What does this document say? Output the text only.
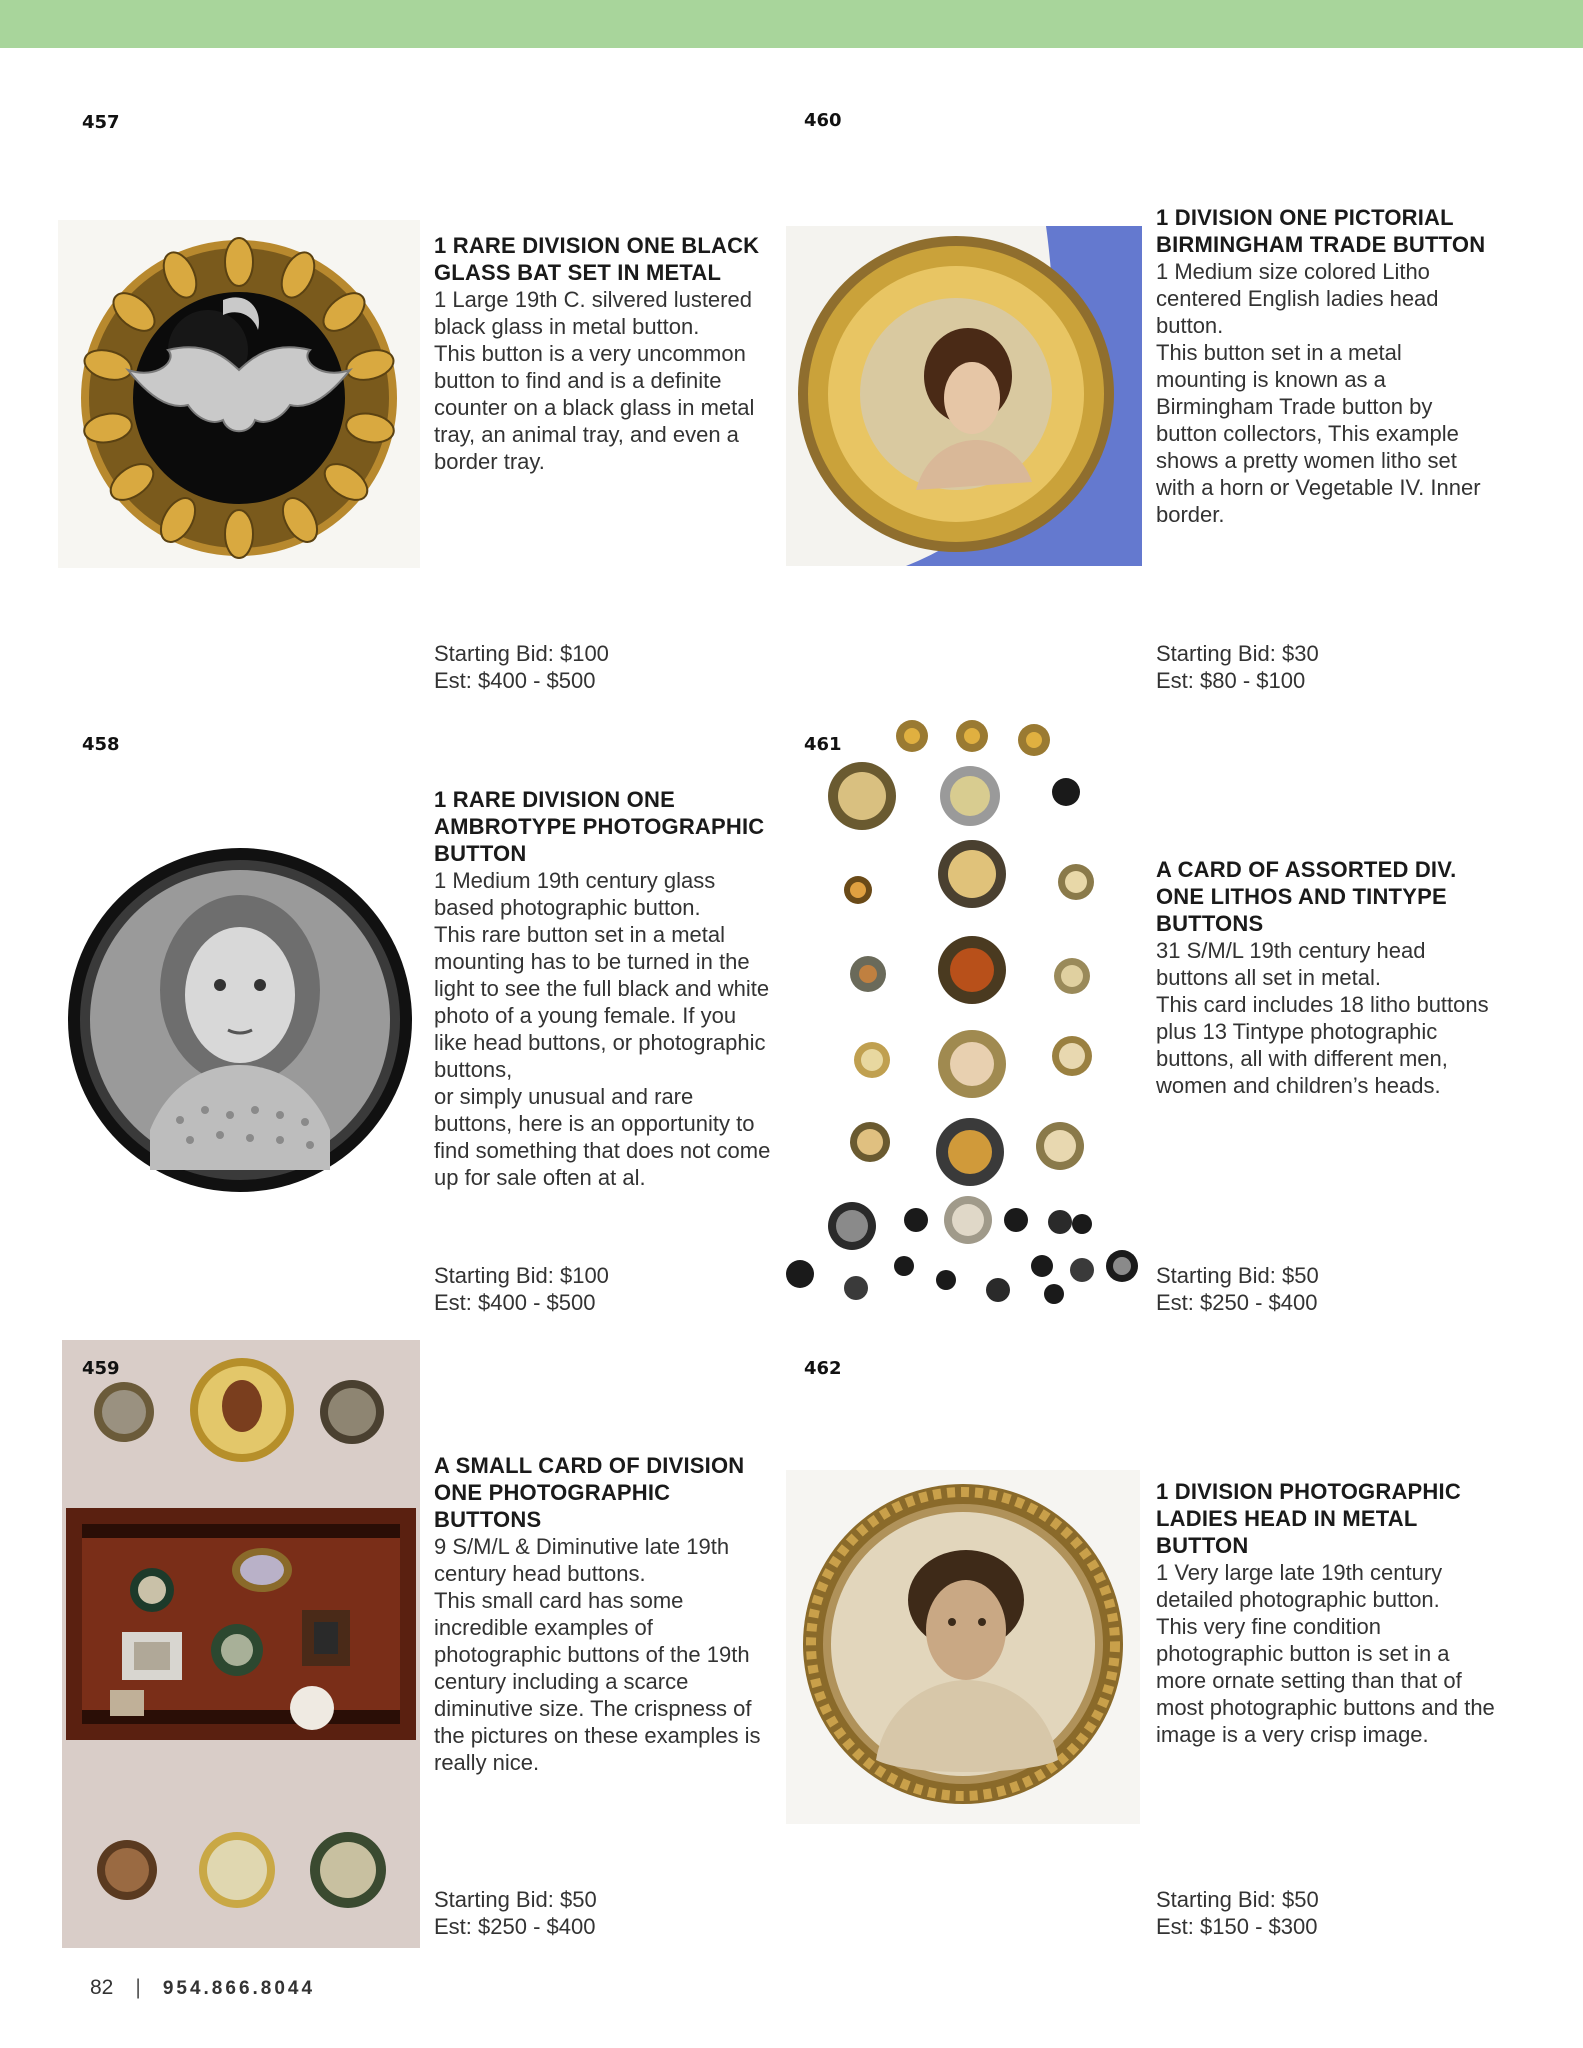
457
1 RARE DIVISION ONE BLACK GLASS BAT SET IN METAL
1 Large 19th C. silvered lustered black glass in metal button.
This button is a very uncommon button to find and is a definite counter on a black glass in metal tray, an animal tray, and even a border tray.
Starting Bid: $100
Est: $400 - $500
458
1 RARE DIVISION ONE AMBROTYPE PHOTOGRAPHIC BUTTON
1 Medium 19th century glass based photographic button.
This rare button set in a metal mounting has to be turned in the light to see the full black and white photo of a young female. If you like head buttons, or photographic buttons,
or simply unusual and rare buttons, here is an opportunity to find something that does not come up for sale often at al.
Starting Bid: $100
Est: $400 - $500
459
A SMALL CARD OF DIVISION ONE PHOTOGRAPHIC BUTTONS
9 S/M/L & Diminutive late 19th century head buttons.
This small card has some incredible examples of photographic buttons of the 19th century including a scarce diminutive size. The crispness of the pictures on these examples is really nice.
Starting Bid: $50
Est: $250 - $400
460
1 DIVISION ONE PICTORIAL BIRMINGHAM TRADE BUTTON
1 Medium size colored Litho centered English ladies head button.
This button set in a metal mounting is known as a Birmingham Trade button by button collectors, This example shows a pretty women litho set with a horn or Vegetable IV. Inner border.
Starting Bid: $30
Est: $80 - $100
461
A CARD OF ASSORTED DIV. ONE LITHOS AND TINTYPE BUTTONS
31 S/M/L 19th century head buttons all set in metal.
This card includes 18 litho buttons plus 13 Tintype photographic buttons, all with different men, women and children’s heads.
Starting Bid: $50
Est: $250 - $400
462
1 DIVISION PHOTOGRAPHIC LADIES HEAD IN METAL BUTTON
1 Very large late 19th century detailed photographic button.
This very fine condition photographic button is set in a more ornate setting than that of most photographic buttons and the image is a very crisp image.
Starting Bid: $50
Est: $150 - $300
82 | 954.866.8044
